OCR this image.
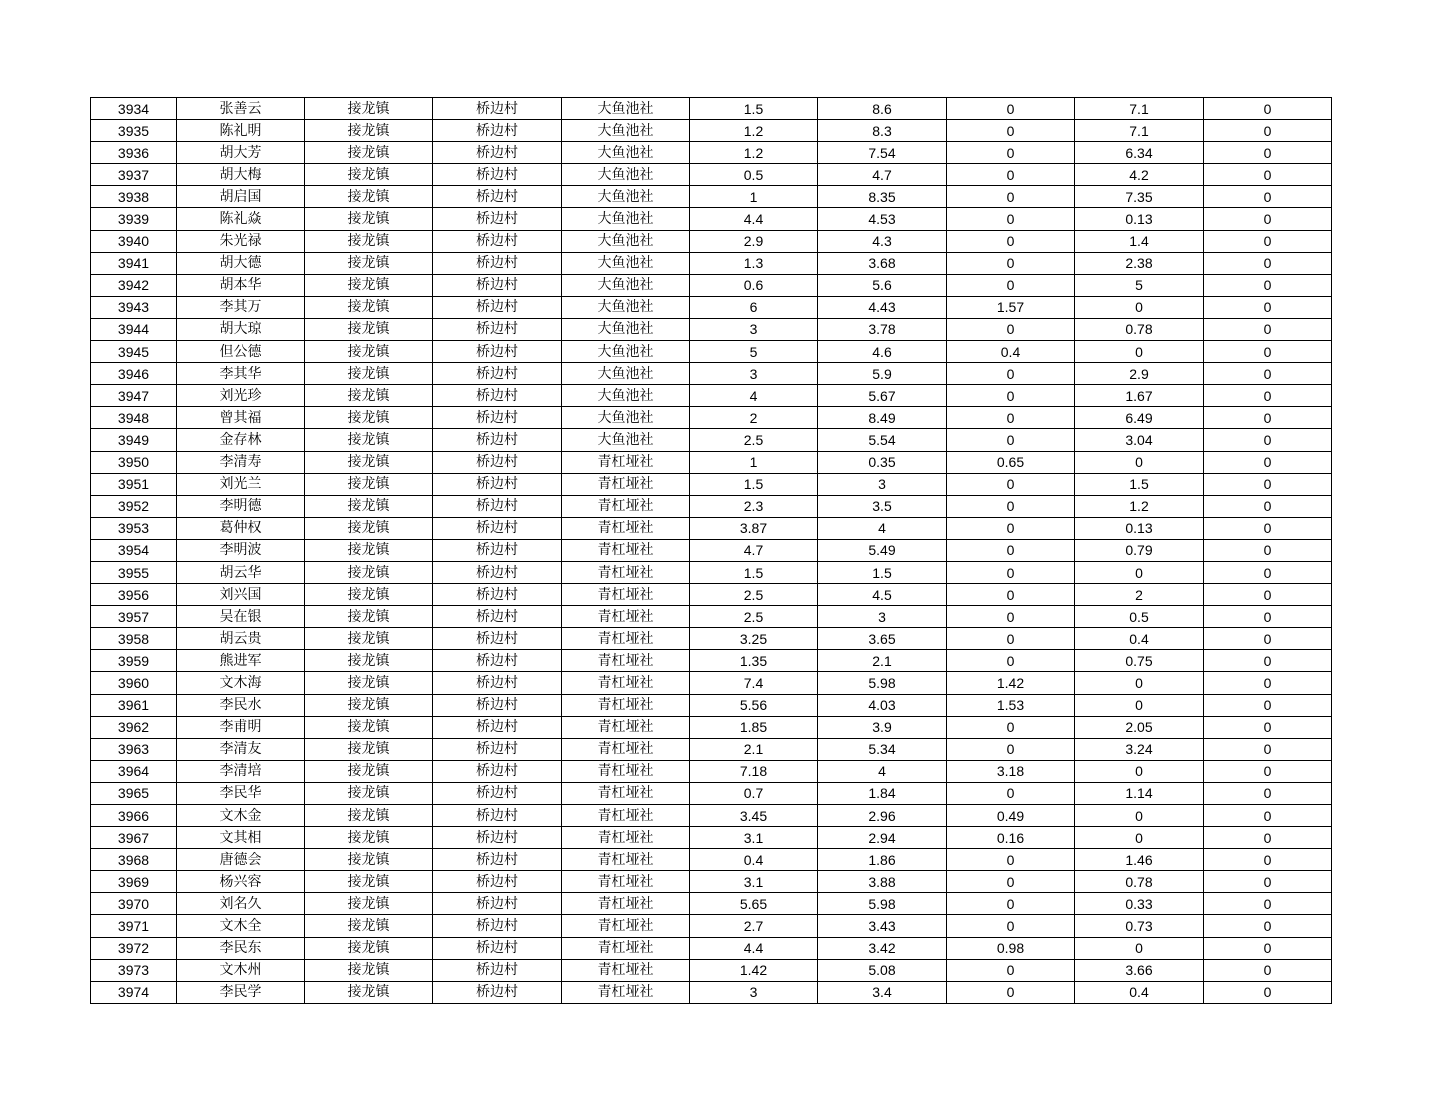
3934	张善云	接龙镇	桥边村	大鱼池社	1.5	8.6	0	7.1	0
3935	陈礼明	接龙镇	桥边村	大鱼池社	1.2	8.3	0	7.1	0
3936	胡大芳	接龙镇	桥边村	大鱼池社	1.2	7.54	0	6.34	0
3937	胡大梅	接龙镇	桥边村	大鱼池社	0.5	4.7	0	4.2	0
3938	胡启国	接龙镇	桥边村	大鱼池社	1	8.35	0	7.35	0
3939	陈礼焱	接龙镇	桥边村	大鱼池社	4.4	4.53	0	0.13	0
3940	朱光禄	接龙镇	桥边村	大鱼池社	2.9	4.3	0	1.4	0
3941	胡大德	接龙镇	桥边村	大鱼池社	1.3	3.68	0	2.38	0
3942	胡本华	接龙镇	桥边村	大鱼池社	0.6	5.6	0	5	0
3943	李其万	接龙镇	桥边村	大鱼池社	6	4.43	1.57	0	0
3944	胡大琼	接龙镇	桥边村	大鱼池社	3	3.78	0	0.78	0
3945	但公德	接龙镇	桥边村	大鱼池社	5	4.6	0.4	0	0
3946	李其华	接龙镇	桥边村	大鱼池社	3	5.9	0	2.9	0
3947	刘光珍	接龙镇	桥边村	大鱼池社	4	5.67	0	1.67	0
3948	曾其福	接龙镇	桥边村	大鱼池社	2	8.49	0	6.49	0
3949	金存林	接龙镇	桥边村	大鱼池社	2.5	5.54	0	3.04	0
3950	李清寿	接龙镇	桥边村	青杠垭社	1	0.35	0.65	0	0
3951	刘光兰	接龙镇	桥边村	青杠垭社	1.5	3	0	1.5	0
3952	李明德	接龙镇	桥边村	青杠垭社	2.3	3.5	0	1.2	0
3953	葛仲权	接龙镇	桥边村	青杠垭社	3.87	4	0	0.13	0
3954	李明波	接龙镇	桥边村	青杠垭社	4.7	5.49	0	0.79	0
3955	胡云华	接龙镇	桥边村	青杠垭社	1.5	1.5	0	0	0
3956	刘兴国	接龙镇	桥边村	青杠垭社	2.5	4.5	0	2	0
3957	吴在银	接龙镇	桥边村	青杠垭社	2.5	3	0	0.5	0
3958	胡云贵	接龙镇	桥边村	青杠垭社	3.25	3.65	0	0.4	0
3959	熊进军	接龙镇	桥边村	青杠垭社	1.35	2.1	0	0.75	0
3960	文木海	接龙镇	桥边村	青杠垭社	7.4	5.98	1.42	0	0
3961	李民水	接龙镇	桥边村	青杠垭社	5.56	4.03	1.53	0	0
3962	李甫明	接龙镇	桥边村	青杠垭社	1.85	3.9	0	2.05	0
3963	李清友	接龙镇	桥边村	青杠垭社	2.1	5.34	0	3.24	0
3964	李清培	接龙镇	桥边村	青杠垭社	7.18	4	3.18	0	0
3965	李民华	接龙镇	桥边村	青杠垭社	0.7	1.84	0	1.14	0
3966	文木金	接龙镇	桥边村	青杠垭社	3.45	2.96	0.49	0	0
3967	文其相	接龙镇	桥边村	青杠垭社	3.1	2.94	0.16	0	0
3968	唐德会	接龙镇	桥边村	青杠垭社	0.4	1.86	0	1.46	0
3969	杨兴容	接龙镇	桥边村	青杠垭社	3.1	3.88	0	0.78	0
3970	刘名久	接龙镇	桥边村	青杠垭社	5.65	5.98	0	0.33	0
3971	文木全	接龙镇	桥边村	青杠垭社	2.7	3.43	0	0.73	0
3972	李民东	接龙镇	桥边村	青杠垭社	4.4	3.42	0.98	0	0
3973	文木州	接龙镇	桥边村	青杠垭社	1.42	5.08	0	3.66	0
3974	李民学	接龙镇	桥边村	青杠垭社	3	3.4	0	0.4	0
